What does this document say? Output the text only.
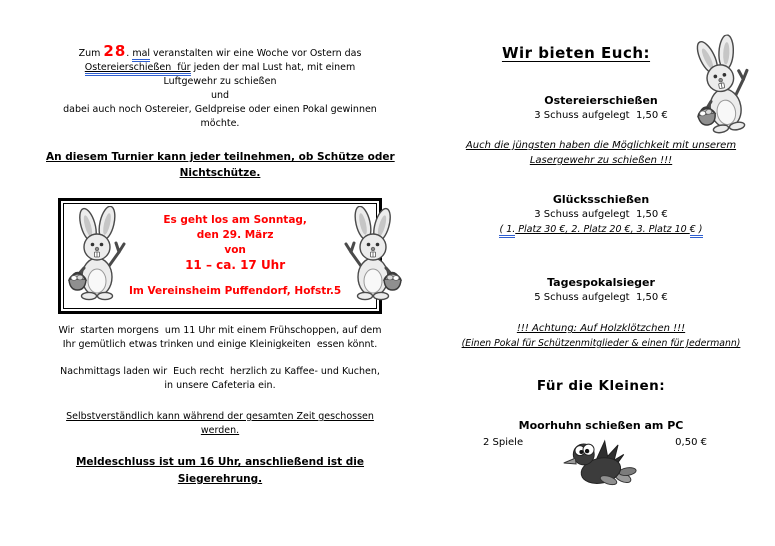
Zum 28. mal veranstalten wir eine Woche vor Ostern das
Ostereierschießen  für jeden der mal Lust hat, mit einem
Luftgewehr zu schießen
und
dabei auch noch Ostereier, Geldpreise oder einen Pokal gewinnen
möchte.
An diesem Turnier kann jeder teilnehmen, ob Schütze oder
Nichtschütze.
Es geht los am Sonntag,
den 29. März
von
11 – ca. 17 Uhr
Im Vereinsheim Puffendorf, Hofstr.5
Wir  starten morgens  um 11 Uhr mit einem Frühschoppen, auf dem
Ihr gemütlich etwas trinken und einige Kleinigkeiten  essen könnt.
Nachmittags laden wir  Euch recht  herzlich zu Kaffee- und Kuchen,
in unsere Cafeteria ein.
Selbstverständlich kann während der gesamten Zeit geschossen
werden.
Meldeschluss ist um 16 Uhr, anschließend ist die
Siegerehrung.
Wir bieten Euch:
Ostereierschießen
3 Schuss aufgelegt  1,50 €
Auch die jüngsten haben die Möglichkeit mit unserem
Lasergewehr zu schießen !!!
Glücksschießen
3 Schuss aufgelegt  1,50 €
( 1. Platz 30 €, 2. Platz 20 €, 3. Platz 10 € )
Tagespokalsieger
5 Schuss aufgelegt  1,50 €
!!! Achtung: Auf Holzklötzchen !!!
(Einen Pokal für Schützenmitglieder & einen für Jedermann)
Für die Kleinen:
Moorhuhn schießen am PC
2 Spiele	0,50 €
